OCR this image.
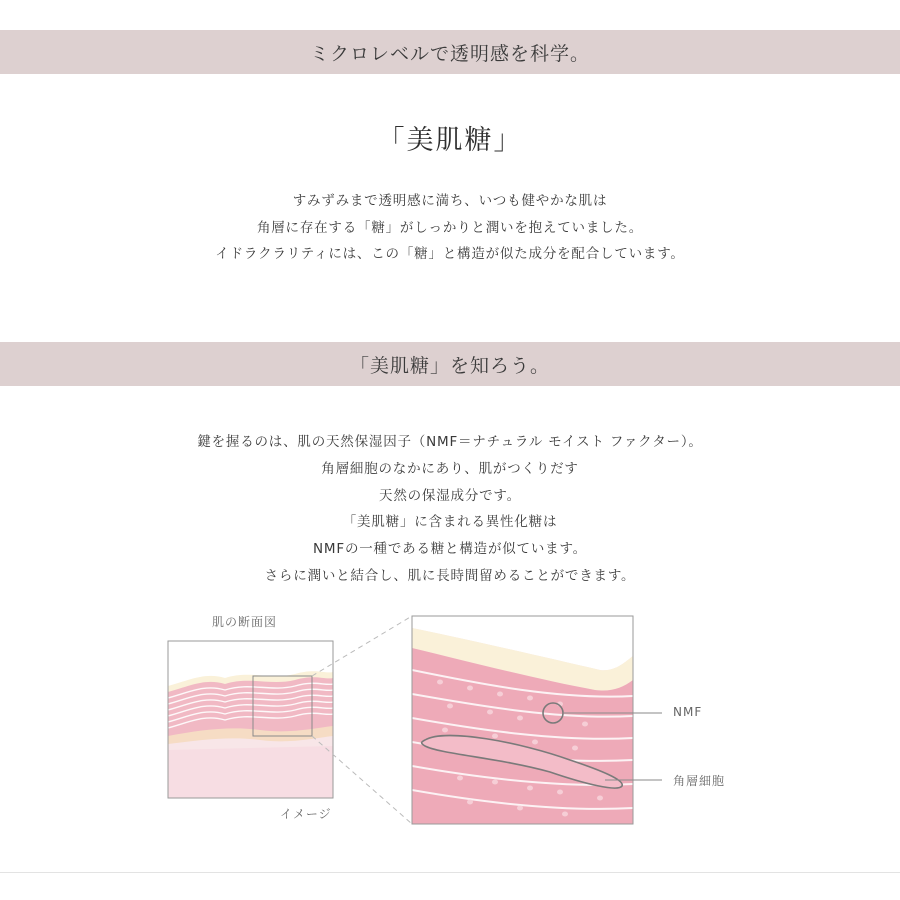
ミクロレベルで透明感を科学。
「美肌糖」
すみずみまで透明感に満ち、いつも健やかな肌は
角層に存在する「糖」がしっかりと潤いを抱えていました。
イドラクラリティには、この「糖」と構造が似た成分を配合しています。
「美肌糖」を知ろう。
鍵を握るのは、肌の天然保湿因子（NMF＝ナチュラル モイスト ファクター）。
角層細胞のなかにあり、肌がつくりだす
天然の保湿成分です。
「美肌糖」に含まれる異性化糖は
NMFの一種である糖と構造が似ています。
さらに潤いと結合し、肌に長時間留めることができます。
肌の断面図
イメージ
NMF
角層細胞
